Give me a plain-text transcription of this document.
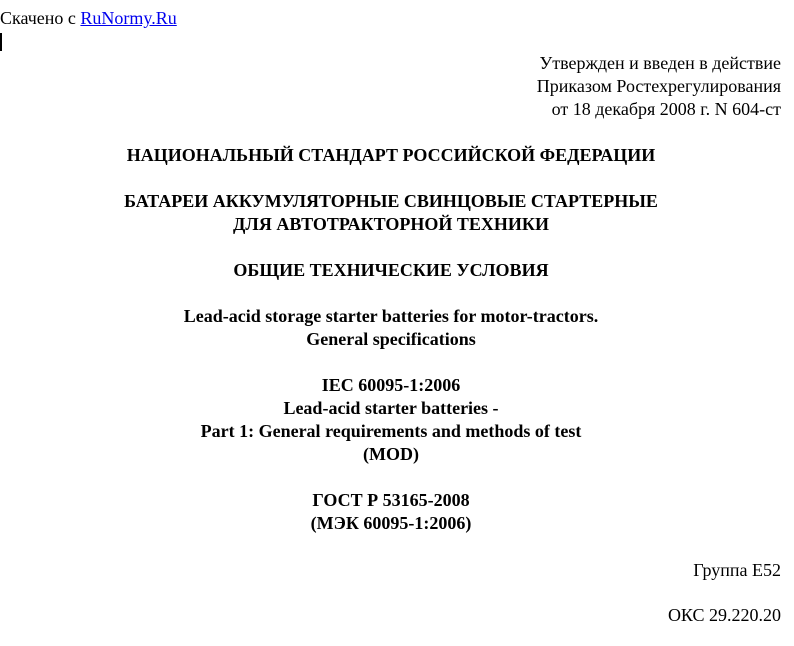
Скачено с RuNormy.Ru
Утвержден и введен в действие
Приказом Ростехрегулирования
от 18 декабря 2008 г. N 604-ст
НАЦИОНАЛЬНЫЙ СТАНДАРТ РОССИЙСКОЙ ФЕДЕРАЦИИ
БАТАРЕИ АККУМУЛЯТОРНЫЕ СВИНЦОВЫЕ СТАРТЕРНЫЕ
ДЛЯ АВТОТРАКТОРНОЙ ТЕХНИКИ
ОБЩИЕ ТЕХНИЧЕСКИЕ УСЛОВИЯ
Lead-acid storage starter batteries for motor-tractors.
General specifications
IEC 60095-1:2006
Lead-acid starter batteries -
Part 1: General requirements and methods of test
(MOD)
ГОСТ Р 53165-2008
(МЭК 60095-1:2006)
Группа Е52
ОКС 29.220.20
